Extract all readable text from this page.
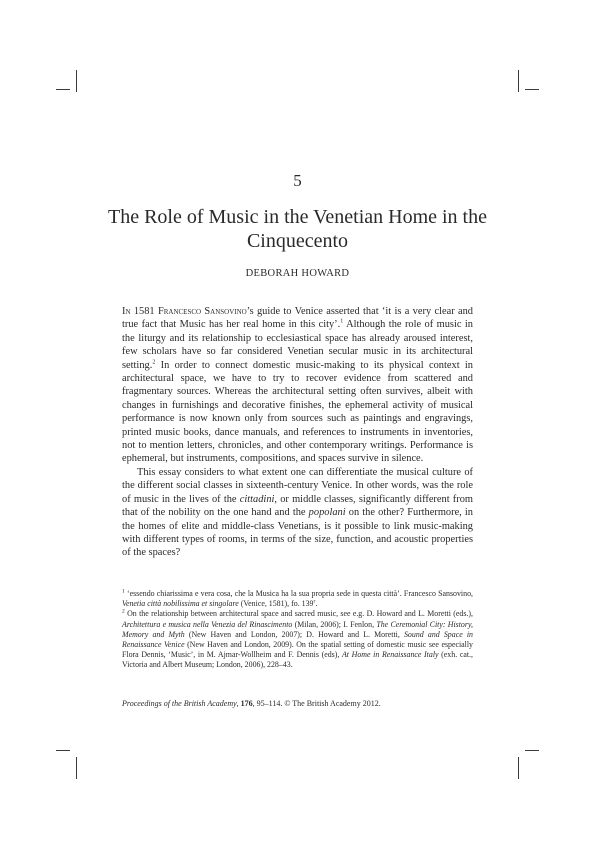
5
The Role of Music in the Venetian Home in the Cinquecento
DEBORAH HOWARD

In 1581 Francesco Sansovino’s guide to Venice asserted that ‘it is a very clear and true fact that Music has her real home in this city’.$^1$ Although the role of music in the liturgy and its relationship to ecclesiastical space has already aroused interest, few scholars have so far considered Venetian secular music in its architectural setting.$^2$ In order to connect domestic music-making to its physical context in architectural space, we have to try to recover evidence from scattered and fragmentary sources. Whereas the architectural setting often survives, albeit with changes in furnishings and decorative finishes, the ephemeral activity of musical performance is now known only from sources such as paintings and engravings, printed music books, dance manuals, and references to instruments in inventories, not to mention letters, chronicles, and other contemporary writings. Performance is ephemeral, but instruments, compositions, and spaces survive in silence.

This essay considers to what extent one can differentiate the musical culture of the different social classes in sixteenth-century Venice. In other words, was the role of music in the lives of the cittadini, or middle classes, significantly different from that of the nobility on the one hand and the popolani on the other? Furthermore, in the homes of elite and middle-class Venetians, is it possible to link music-making with different types of rooms, in terms of the size, function, and acoustic properties of the spaces?

$^1$ ‘essendo chiarissima e vera cosa, che la Musica ha la sua propria sede in questa città’. Francesco Sansovino, Venetia città nobilissima et singolare (Venice, 1581), fo. 139$^r$.

$^2$ On the relationship between architectural space and sacred music, see e.g. D. Howard and L. Moretti (eds.), Architettura e musica nella Venezia del Rinascimento (Milan, 2006); I. Fenlon, The Ceremonial City: History, Memory and Myth (New Haven and London, 2007); D. Howard and L. Moretti, Sound and Space in Renaissance Venice (New Haven and London, 2009). On the spatial setting of domestic music see especially Flora Dennis, ‘Music’, in M. Ajmar-Wollheim and F. Dennis (eds), At Home in Renaissance Italy (exh. cat., Victoria and Albert Museum; London, 2006), 228–43.

Proceedings of the British Academy, 176, 95–114. © The British Academy 2012.
